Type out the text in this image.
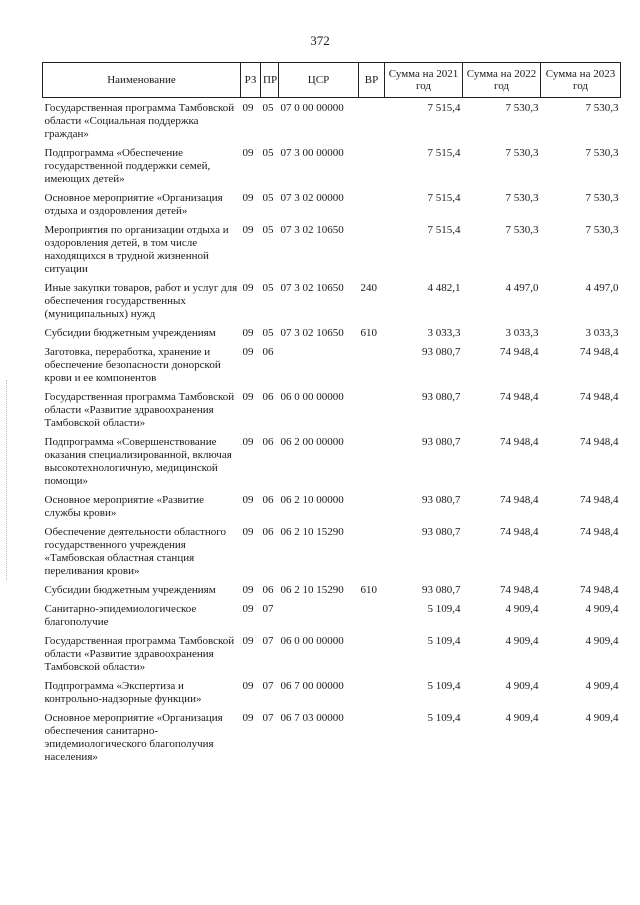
372
Наименование	РЗ	ПР	ЦСР	ВР	Сумма на 2021 год	Сумма на 2022 год	Сумма на 2023 год
Государственная программа Тамбовской области «Социальная поддержка граждан»	09	05	07 0 00 00000		7 515,4	7 530,3	7 530,3
Подпрограмма «Обеспечение государственной поддержки семей, имеющих детей»	09	05	07 3 00 00000		7 515,4	7 530,3	7 530,3
Основное мероприятие «Организация отдыха и оздоровления детей»	09	05	07 3 02 00000		7 515,4	7 530,3	7 530,3
Мероприятия по организации отдыха и оздоровления детей, в том числе находящихся в трудной жизненной ситуации	09	05	07 3 02 10650		7 515,4	7 530,3	7 530,3
Иные закупки товаров, работ и услуг для обеспечения государственных (муниципальных) нужд	09	05	07 3 02 10650	240	4 482,1	4 497,0	4 497,0
Субсидии бюджетным учреждениям	09	05	07 3 02 10650	610	3 033,3	3 033,3	3 033,3
Заготовка, переработка, хранение и обеспечение безопасности донорской крови и ее компонентов	09	06			93 080,7	74 948,4	74 948,4
Государственная программа Тамбовской области «Развитие здравоохранения Тамбовской области»	09	06	06 0 00 00000		93 080,7	74 948,4	74 948,4
Подпрограмма «Совершенствование оказания специализированной, включая высокотехнологичную, медицинской помощи»	09	06	06 2 00 00000		93 080,7	74 948,4	74 948,4
Основное мероприятие «Развитие службы крови»	09	06	06 2 10 00000		93 080,7	74 948,4	74 948,4
Обеспечение деятельности областного государственного учреждения «Тамбовская областная станция переливания крови»	09	06	06 2 10 15290		93 080,7	74 948,4	74 948,4
Субсидии бюджетным учреждениям	09	06	06 2 10 15290	610	93 080,7	74 948,4	74 948,4
Санитарно-эпидемиологическое благополучие	09	07			5 109,4	4 909,4	4 909,4
Государственная программа Тамбовской области «Развитие здравоохранения Тамбовской области»	09	07	06 0 00 00000		5 109,4	4 909,4	4 909,4
Подпрограмма «Экспертиза и контрольно-надзорные функции»	09	07	06 7 00 00000		5 109,4	4 909,4	4 909,4
Основное мероприятие «Организация обеспечения санитарно-эпидемиологического благополучия населения»	09	07	06 7 03 00000		5 109,4	4 909,4	4 909,4
